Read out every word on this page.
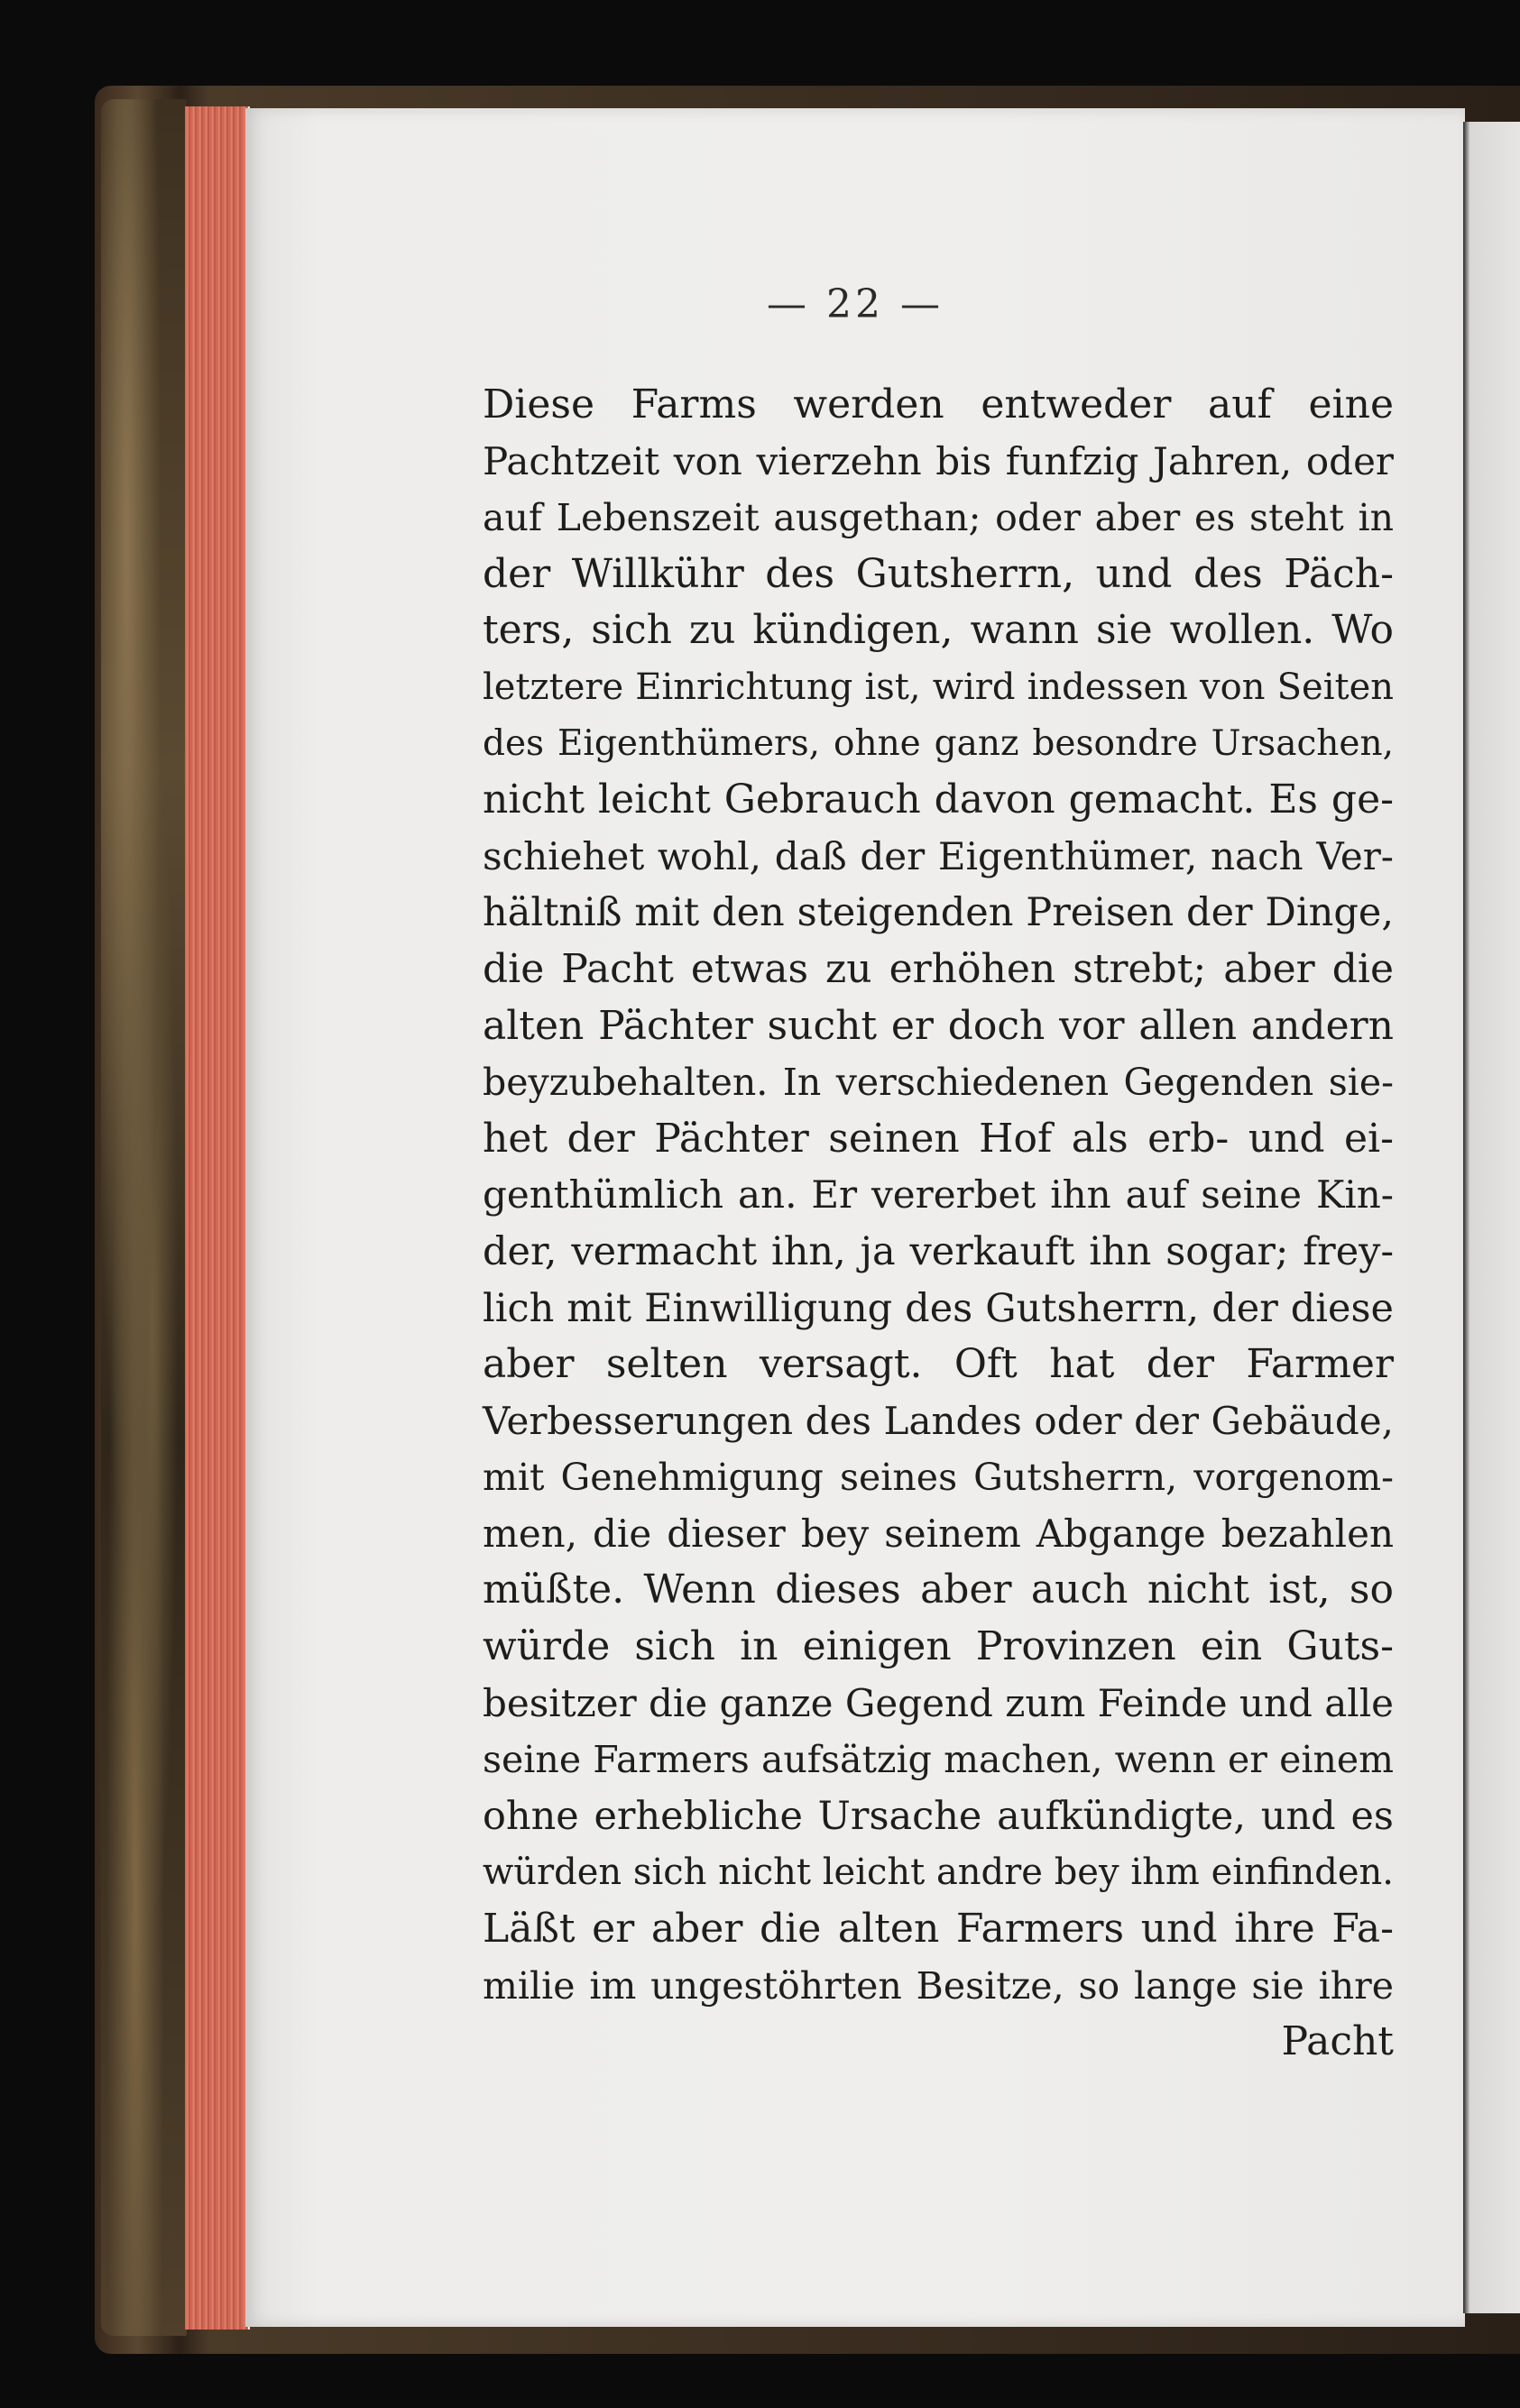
— 22 —
Diese Farms werden entweder auf eine
Pachtzeit von vierzehn bis funfzig Jahren, oder
auf Lebenszeit ausgethan; oder aber es steht in
der Willkühr des Gutsherrn, und des Päch-
ters, sich zu kündigen, wann sie wollen. Wo
letztere Einrichtung ist, wird indessen von Seiten
des Eigenthümers, ohne ganz besondre Ursachen,
nicht leicht Gebrauch davon gemacht. Es ge-
schiehet wohl, daß der Eigenthümer, nach Ver-
hältniß mit den steigenden Preisen der Dinge,
die Pacht etwas zu erhöhen strebt; aber die
alten Pächter sucht er doch vor allen andern
beyzubehalten. In verschiedenen Gegenden sie-
het der Pächter seinen Hof als erb- und ei-
genthümlich an. Er vererbet ihn auf seine Kin-
der, vermacht ihn, ja verkauft ihn sogar; frey-
lich mit Einwilligung des Gutsherrn, der diese
aber selten versagt. Oft hat der Farmer
Verbesserungen des Landes oder der Gebäude,
mit Genehmigung seines Gutsherrn, vorgenom-
men, die dieser bey seinem Abgange bezahlen
müßte. Wenn dieses aber auch nicht ist, so
würde sich in einigen Provinzen ein Guts-
besitzer die ganze Gegend zum Feinde und alle
seine Farmers aufsätzig machen, wenn er einem
ohne erhebliche Ursache aufkündigte, und es
würden sich nicht leicht andre bey ihm einfinden.
Läßt er aber die alten Farmers und ihre Fa-
milie im ungestöhrten Besitze, so lange sie ihre
Pacht
